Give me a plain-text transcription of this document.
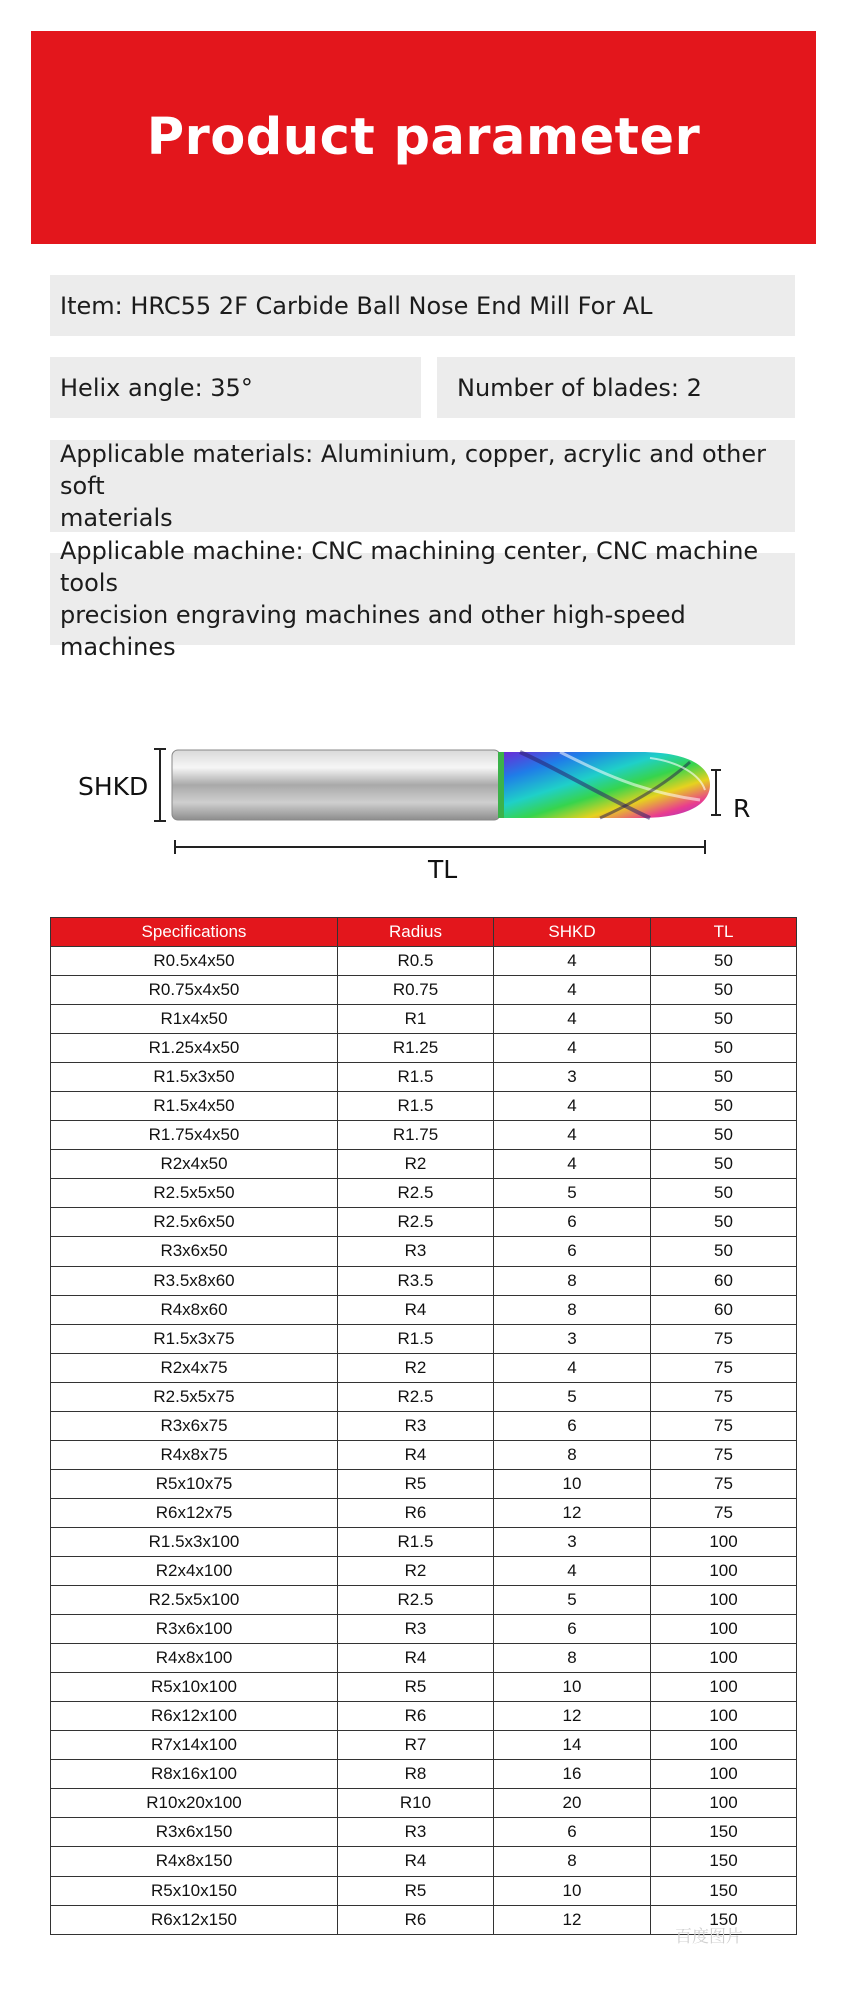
Product parameter
Item: HRC55 2F Carbide Ball Nose End Mill For AL
Helix angle: 35°	Number of blades: 2
Applicable materials: Aluminium, copper, acrylic and other soft
materials
Applicable machine: CNC machining center, CNC machine tools
precision engraving machines and other high-speed machines
SHKD
R
TL
Specifications	Radius	SHKD	TL
R0.5x4x50	R0.5	4	50
R0.75x4x50	R0.75	4	50
R1x4x50	R1	4	50
R1.25x4x50	R1.25	4	50
R1.5x3x50	R1.5	3	50
R1.5x4x50	R1.5	4	50
R1.75x4x50	R1.75	4	50
R2x4x50	R2	4	50
R2.5x5x50	R2.5	5	50
R2.5x6x50	R2.5	6	50
R3x6x50	R3	6	50
R3.5x8x60	R3.5	8	60
R4x8x60	R4	8	60
R1.5x3x75	R1.5	3	75
R2x4x75	R2	4	75
R2.5x5x75	R2.5	5	75
R3x6x75	R3	6	75
R4x8x75	R4	8	75
R5x10x75	R5	10	75
R6x12x75	R6	12	75
R1.5x3x100	R1.5	3	100
R2x4x100	R2	4	100
R2.5x5x100	R2.5	5	100
R3x6x100	R3	6	100
R4x8x100	R4	8	100
R5x10x100	R5	10	100
R6x12x100	R6	12	100
R7x14x100	R7	14	100
R8x16x100	R8	16	100
R10x20x100	R10	20	100
R3x6x150	R3	6	150
R4x8x150	R4	8	150
R5x10x150	R5	10	150
R6x12x150	R6	12	150
百度图片
